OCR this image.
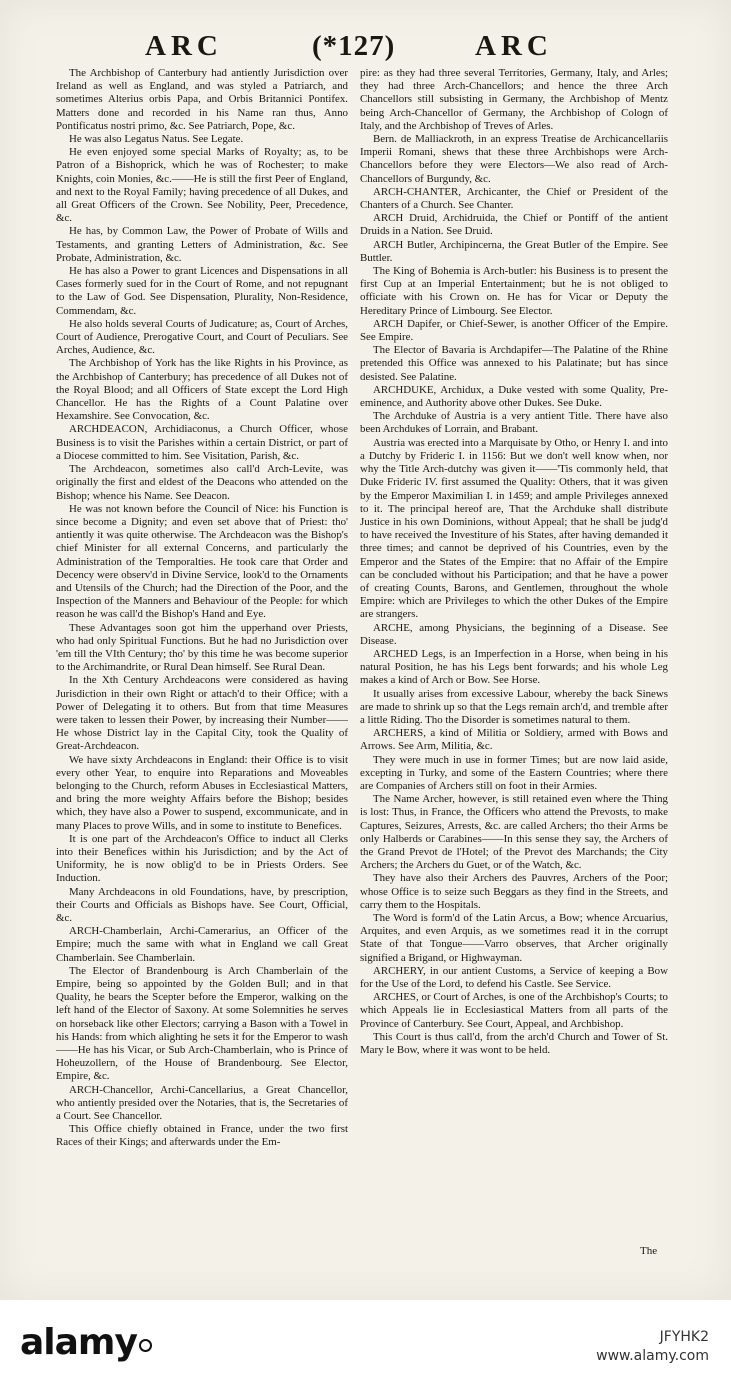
ARC	(*127)	ARC

The Archbishop of Canterbury had antiently Jurisdiction over Ireland as well as England, and was styled a Patriarch, and sometimes Alterius orbis Papa, and Orbis Britannici Pontifex. Matters done and recorded in his Name ran thus, Anno Pontificatus nostri primo, &c. See Patriarch, Pope, &c.

He was also Legatus Natus. See Legate.

He even enjoyed some special Marks of Royalty; as, to be Patron of a Bishoprick, which he was of Rochester; to make Knights, coin Monies, &c.——He is still the first Peer of England, and next to the Royal Family; having precedence of all Dukes, and all Great Officers of the Crown. See Nobility, Peer, Precedence, &c.

He has, by Common Law, the Power of Probate of Wills and Testaments, and granting Letters of Administration, &c. See Probate, Administration, &c.

He has also a Power to grant Licences and Dispensations in all Cases formerly sued for in the Court of Rome, and not repugnant to the Law of God. See Dispensation, Plurality, Non-Residence, Commendam, &c.

He also holds several Courts of Judicature; as, Court of Arches, Court of Audience, Prerogative Court, and Court of Peculiars. See Arches, Audience, &c.

The Archbishop of York has the like Rights in his Province, as the Archbishop of Canterbury; has precedence of all Dukes not of the Royal Blood; and all Officers of State except the Lord High Chancellor. He has the Rights of a Count Palatine over Hexamshire. See Convocation, &c.

ARCHDEACON, Archidiaconus, a Church Officer, whose Business is to visit the Parishes within a certain District, or part of a Diocese committed to him. See Visitation, Parish, &c.

The Archdeacon, sometimes also call'd Arch-Levite, was originally the first and eldest of the Deacons who attended on the Bishop; whence his Name. See Deacon.

He was not known before the Council of Nice: his Function is since become a Dignity; and even set above that of Priest: tho' antiently it was quite otherwise. The Archdeacon was the Bishop's chief Minister for all external Concerns, and particularly the Administration of the Temporalties. He took care that Order and Decency were observ'd in Divine Service, look'd to the Ornaments and Utensils of the Church; had the Direction of the Poor, and the Inspection of the Manners and Behaviour of the People: for which reason he was call'd the Bishop's Hand and Eye.

These Advantages soon got him the upperhand over Priests, who had only Spiritual Functions. But he had no Jurisdiction over 'em till the VIth Century; tho' by this time he was become superior to the Archimandrite, or Rural Dean himself. See Rural Dean.

In the Xth Century Archdeacons were considered as having Jurisdiction in their own Right or attach'd to their Office; with a Power of Delegating it to others. But from that time Measures were taken to lessen their Power, by increasing their Number——He whose District lay in the Capital City, took the Quality of Great-Archdeacon.

We have sixty Archdeacons in England: their Office is to visit every other Year, to enquire into Reparations and Moveables belonging to the Church, reform Abuses in Ecclesiastical Matters, and bring the more weighty Affairs before the Bishop; besides which, they have also a Power to suspend, excommunicate, and in many Places to prove Wills, and in some to institute to Benefices.

It is one part of the Archdeacon's Office to induct all Clerks into their Benefices within his Jurisdiction; and by the Act of Uniformity, he is now oblig'd to be in Priests Orders. See Induction.

Many Archdeacons in old Foundations, have, by prescription, their Courts and Officials as Bishops have. See Court, Official, &c.

ARCH-Chamberlain, Archi-Camerarius, an Officer of the Empire; much the same with what in England we call Great Chamberlain. See Chamberlain.

The Elector of Brandenbourg is Arch Chamberlain of the Empire, being so appointed by the Golden Bull; and in that Quality, he bears the Scepter before the Emperor, walking on the left hand of the Elector of Saxony. At some Solemnities he serves on horseback like other Electors; carrying a Bason with a Towel in his Hands: from which alighting he sets it for the Emperor to wash——He has his Vicar, or Sub Arch-Chamberlain, who is Prince of Hoheuzollern, of the House of Brandenbourg. See Elector, Empire, &c.

ARCH-Chancellor, Archi-Cancellarius, a Great Chancellor, who antiently presided over the Notaries, that is, the Secretaries of a Court. See Chancellor.

This Office chiefly obtained in France, under the two first Races of their Kings; and afterwards under the Em-

pire: as they had three several Territories, Germany, Italy, and Arles; they had three Arch-Chancellors; and hence the three Arch Chancellors still subsisting in Germany, the Archbishop of Mentz being Arch-Chancellor of Germany, the Archbishop of Cologn of Italy, and the Archbishop of Treves of Arles.

Bern. de Malliackroth, in an express Treatise de Archicancellariis Imperii Romani, shews that these three Archbishops were Arch-Chancellors before they were Electors—We also read of Arch-Chancellors of Burgundy, &c.

ARCH-CHANTER, Archicanter, the Chief or President of the Chanters of a Church. See Chanter.

ARCH Druid, Archidruida, the Chief or Pontiff of the antient Druids in a Nation. See Druid.

ARCH Butler, Archipincerna, the Great Butler of the Empire. See Buttler.

The King of Bohemia is Arch-butler: his Business is to present the first Cup at an Imperial Entertainment; but he is not obliged to officiate with his Crown on. He has for Vicar or Deputy the Hereditary Prince of Limbourg. See Elector.

ARCH Dapifer, or Chief-Sewer, is another Officer of the Empire. See Empire.

The Elector of Bavaria is Archdapifer—The Palatine of the Rhine pretended this Office was annexed to his Palatinate; but has since desisted. See Palatine.

ARCHDUKE, Archidux, a Duke vested with some Quality, Pre-eminence, and Authority above other Dukes. See Duke.

The Archduke of Austria is a very antient Title. There have also been Archdukes of Lorrain, and Brabant.

Austria was erected into a Marquisate by Otho, or Henry I. and into a Dutchy by Frideric I. in 1156: But we don't well know when, nor why the Title Arch-dutchy was given it——'Tis commonly held, that Duke Frideric IV. first assumed the Quality: Others, that it was given by the Emperor Maximilian I. in 1459; and ample Privileges annexed to it. The principal hereof are, That the Archduke shall distribute Justice in his own Dominions, without Appeal; that he shall be judg'd to have received the Investiture of his States, after having demanded it three times; and cannot be deprived of his Countries, even by the Emperor and the States of the Empire: that no Affair of the Empire can be concluded without his Participation; and that he have a power of creating Counts, Barons, and Gentlemen, throughout the whole Empire: which are Privileges to which the other Dukes of the Empire are strangers.

ARCHE, among Physicians, the beginning of a Disease. See Disease.

ARCHED Legs, is an Imperfection in a Horse, when being in his natural Position, he has his Legs bent forwards; and his whole Leg makes a kind of Arch or Bow. See Horse.

It usually arises from excessive Labour, whereby the back Sinews are made to shrink up so that the Legs remain arch'd, and tremble after a little Riding. Tho the Disorder is sometimes natural to them.

ARCHERS, a kind of Militia or Soldiery, armed with Bows and Arrows. See Arm, Militia, &c.

They were much in use in former Times; but are now laid aside, excepting in Turky, and some of the Eastern Countries; where there are Companies of Archers still on foot in their Armies.

The Name Archer, however, is still retained even where the Thing is lost: Thus, in France, the Officers who attend the Prevosts, to make Captures, Seizures, Arrests, &c. are called Archers; tho their Arms be only Halberds or Carabines——In this sense they say, the Archers of the Grand Prevot de l'Hotel; of the Prevot des Marchands; the City Archers; the Archers du Guet, or of the Watch, &c.

They have also their Archers des Pauvres, Archers of the Poor; whose Office is to seize such Beggars as they find in the Streets, and carry them to the Hospitals.

The Word is form'd of the Latin Arcus, a Bow; whence Arcuarius, Arquites, and even Arquis, as we sometimes read it in the corrupt State of that Tongue——Varro observes, that Archer originally signified a Brigand, or Highwayman.

ARCHERY, in our antient Customs, a Service of keeping a Bow for the Use of the Lord, to defend his Castle. See Service.

ARCHES, or Court of Arches, is one of the Archbishop's Courts; to which Appeals lie in Ecclesiastical Matters from all parts of the Province of Canterbury. See Court, Appeal, and Archbishop.

This Court is thus call'd, from the arch'd Church and Tower of St. Mary le Bow, where it was wont to be held.

The
alamy	JFYHK2
www.alamy.com
